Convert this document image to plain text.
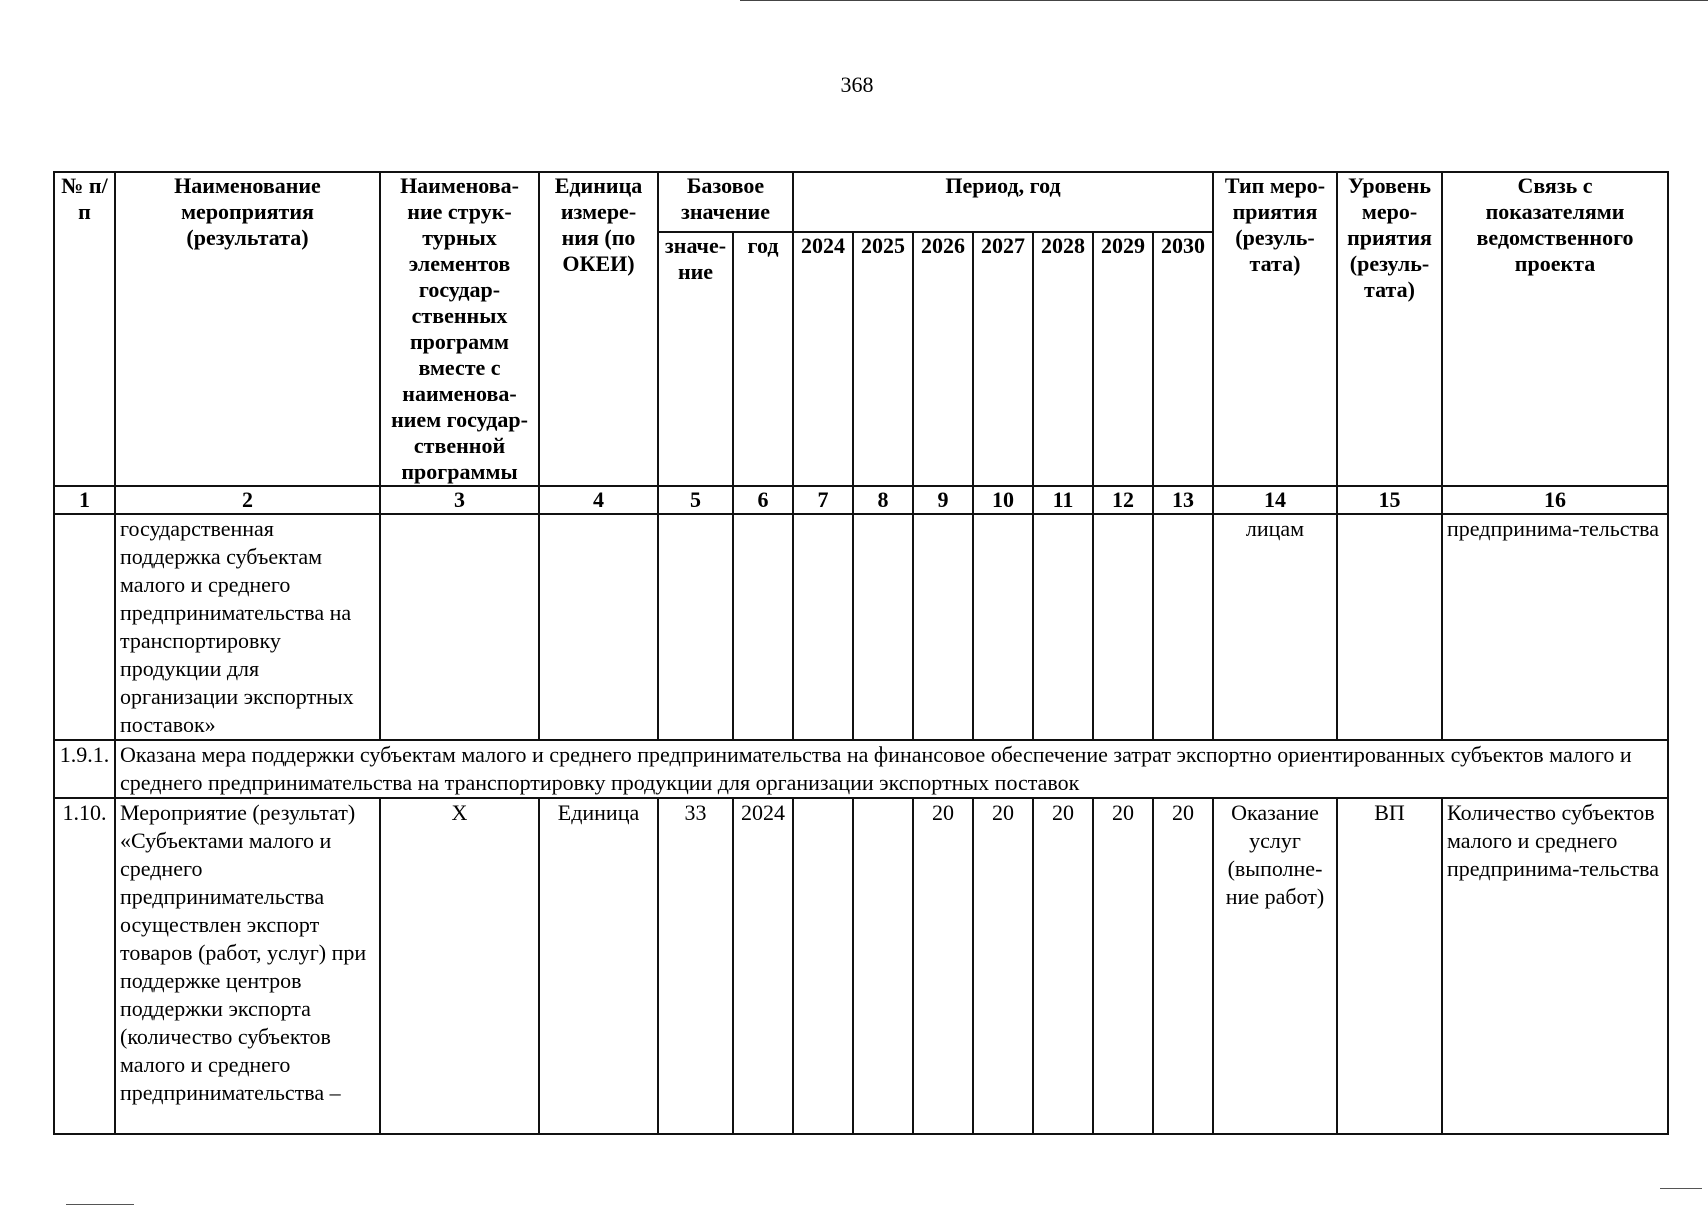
368
№ п/п	Наименование мероприятия (результата)	Наименова-ние струк-турных элементов государ-ственных программ вместе с наименова-нием государ-ственной программы	Единица измере-ния (по ОКЕИ)	Базовое значение		Период, год							Тип меро-приятия (резуль-тата)	Уровень меро-приятия (резуль-тата)	Связь с показателями ведомственного проекта
				значе-ние	год	2024	2025	2026	2027	2028	2029	2030			
1	2	3	4	5	6	7	8	9	10	11	12	13	14	15	16
	государственная поддержка субъектам малого и среднего предпринимательства на транспортировку продукции для организации экспортных поставок»												лицам		предпринима-тельства
1.9.1.	Оказана мера поддержки субъектам малого и среднего предпринимательства на финансовое обеспечение затрат экспортно ориентированных субъектов малого и среднего предпринимательства на транспортировку продукции для организации экспортных поставок														
1.10.	Мероприятие (результат) «Субъектами малого и среднего предпринимательства осуществлен экспорт товаров (работ, услуг) при поддержке центров поддержки экспорта (количество субъектов малого и среднего предпринимательства –	X	Единица	33	2024			20	20	20	20	20	Оказание услуг (выполне-ние работ)	ВП	Количество субъектов малого и среднего предпринима-тельства
